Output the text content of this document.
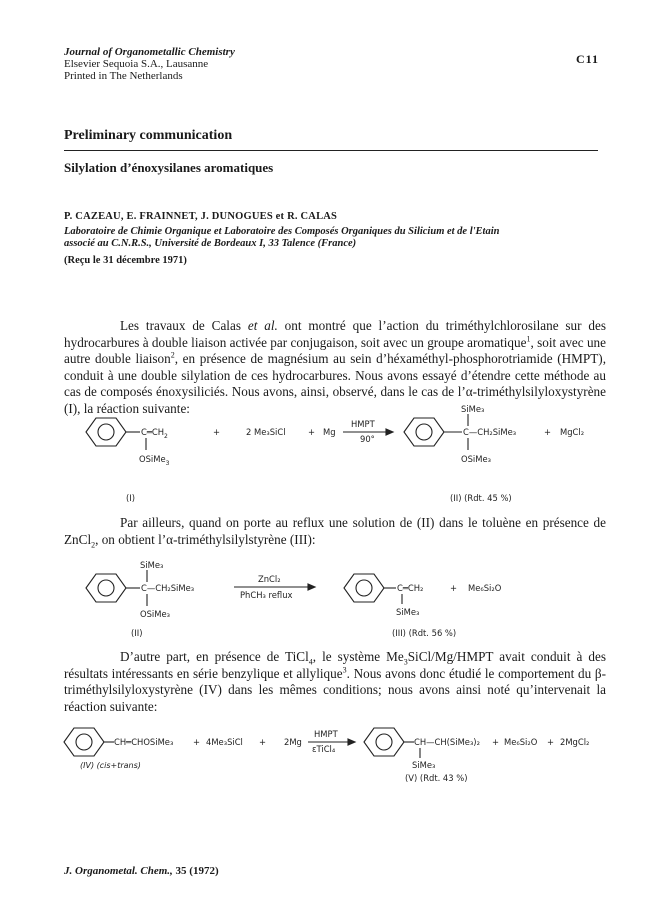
Journal of Organometallic Chemistry
Elsevier Sequoia S.A., Lausanne
Printed in The Netherlands
C11
Preliminary communication
Silylation d’énoxysilanes aromatiques
P. CAZEAU, E. FRAINNET, J. DUNOGUES et R. CALAS
Laboratoire de Chimie Organique et Laboratoire des Composés Organiques du Silicium et de l'Etain
associé au C.N.R.S., Université de Bordeaux I, 33 Talence (France)
(Reçu le 31 décembre 1971)

Les travaux de Calas et al. ont montré que l’action du triméthylchlorosilane sur des hydrocarbures à double liaison activée par conjugaison, soit avec un groupe aromatique$^1$, soit avec une autre double liaison$^2$, en présence de magnésium au sein d’héxaméthyl-phosphorotriamide (HMPT), conduit à une double silylation de ces hydrocarbures. Nous avons essayé d’étendre cette méthode au cas de composés énoxysiliciés. Nous avons, ainsi, observé, dans le cas de l’α-triméthylsilyloxystyrène (I), la réaction suivante:

$C═CH_2$
OSiMe$_3$
+	2 Me₃SiCl	+ Mg
HMPT
90°
SiMe₃
C—CH₂SiMe₃
OSiMe₃
+ MgCl₂
(I)	(II) (Rdt. 45 %)

Par ailleurs, quand on porte au reflux une solution de (II) dans le toluène en présence de ZnCl$_2$, on obtient l’α-triméthylsilylstyrène (III):

SiMe₃
C—CH₂SiMe₃
OSiMe₃
ZnCl₂
PhCH₃ reflux
C═CH₂
SiMe₃
+ Me₆Si₂O
(II)	(III) (Rdt. 56 %)

D’autre part, en présence de TiCl$_4$, le système $Me_3SiCl/Mg$/HMPT avait conduit à des résultats intéressants en série benzylique et allylique$^3$. Nous avons donc étudié le comportement du β-triméthylsilyloxystyrène (IV) dans les mêmes conditions; nous avons ainsi noté qu’intervenait la réaction suivante:

CH═CHOSiMe₃ + 4Me₃SiCl + 2Mg
HMPT
εTiCl₄
CH—CH(SiMe₃)₂
SiMe₃
+ Me₆Si₂O + 2MgCl₂
(IV) (cis+trans)
(V) (Rdt. 43 %)
J. Organometal. Chem., 35 (1972)
